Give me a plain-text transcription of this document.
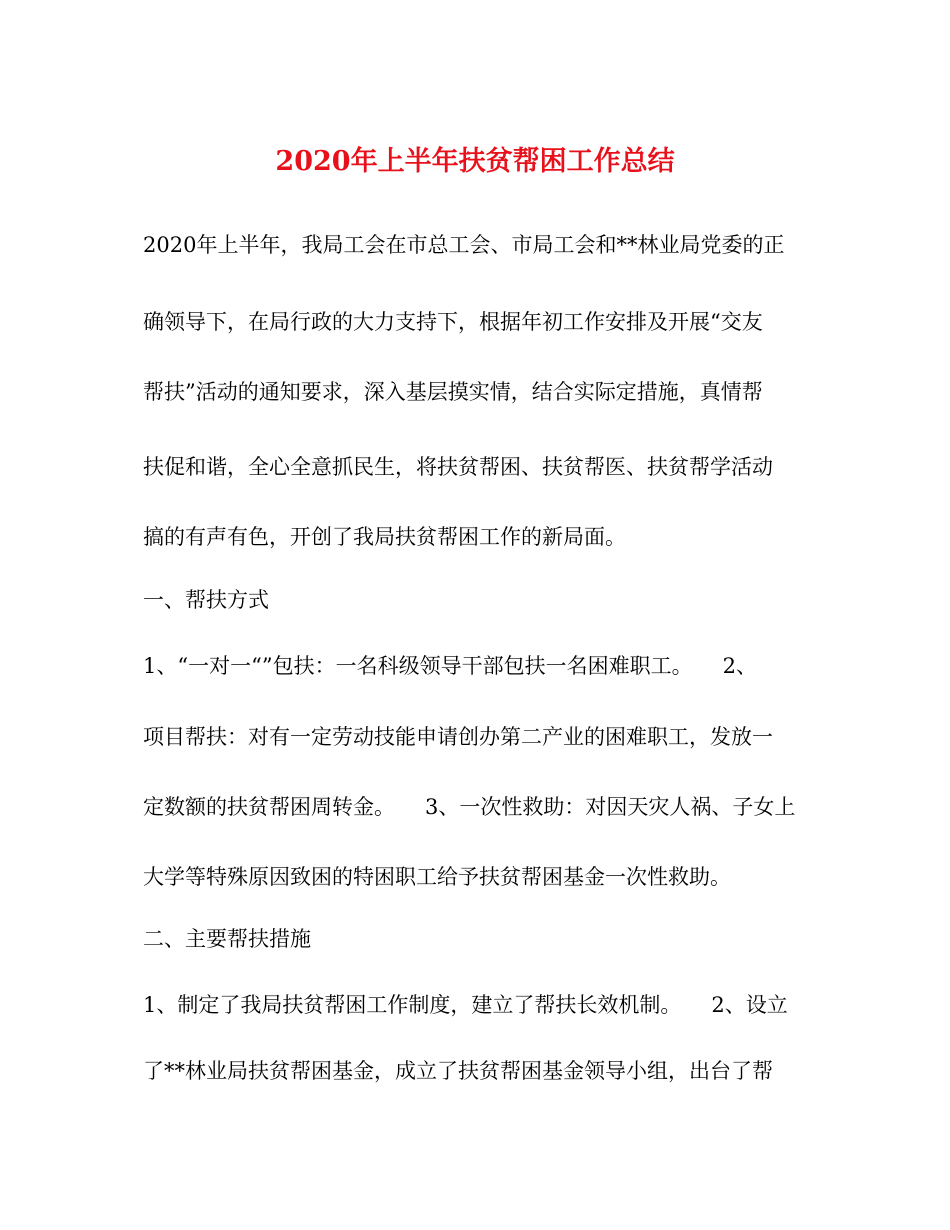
2020年上半年扶贫帮困工作总结

2020年上半年，我局工会在市总工会、市局工会和**林业局党委的正

确领导下，在局行政的大力支持下，根据年初工作安排及开展“交友

帮扶”活动的通知要求，深入基层摸实情，结合实际定措施，真情帮

扶促和谐，全心全意抓民生，将扶贫帮困、扶贫帮医、扶贫帮学活动

搞的有声有色，开创了我局扶贫帮困工作的新局面。

一、帮扶方式

1、“一对一“”包扶：一名科级领导干部包扶一名困难职工。 2、

项目帮扶：对有一定劳动技能申请创办第二产业的困难职工，发放一

定数额的扶贫帮困周转金。 3、一次性救助：对因天灾人祸、子女上

大学等特殊原因致困的特困职工给予扶贫帮困基金一次性救助。

二、主要帮扶措施

1、制定了我局扶贫帮困工作制度，建立了帮扶长效机制。 2、设立

了**林业局扶贫帮困基金，成立了扶贫帮困基金领导小组，出台了帮
